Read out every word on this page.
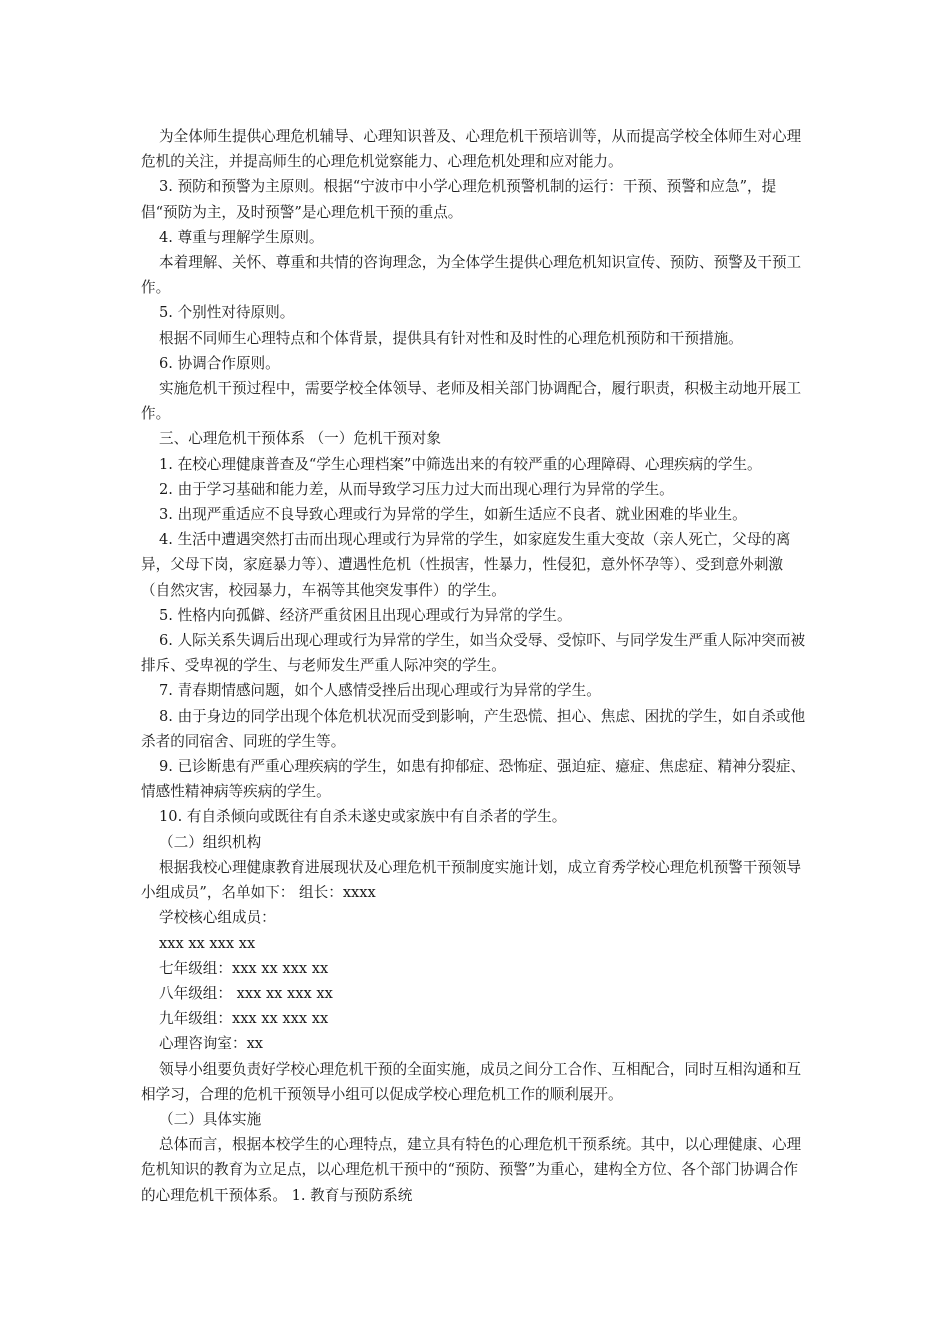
为全体师生提供心理危机辅导、心理知识普及、心理危机干预培训等，从而提高学校全体师生对心理危机的关注，并提高师生的心理危机觉察能力、心理危机处理和应对能力。

3. 预防和预警为主原则。根据“宁波市中小学心理危机预警机制的运行：干预、预警和应急”，提倡“预防为主，及时预警”是心理危机干预的重点。

4. 尊重与理解学生原则。

本着理解、关怀、尊重和共情的咨询理念，为全体学生提供心理危机知识宣传、预防、预警及干预工作。

5. 个别性对待原则。

根据不同师生心理特点和个体背景，提供具有针对性和及时性的心理危机预防和干预措施。

6. 协调合作原则。

实施危机干预过程中，需要学校全体领导、老师及相关部门协调配合，履行职责，积极主动地开展工作。

三、心理危机干预体系 （一）危机干预对象

1. 在校心理健康普查及“学生心理档案”中筛选出来的有较严重的心理障碍、心理疾病的学生。

2. 由于学习基础和能力差，从而导致学习压力过大而出现心理行为异常的学生。

3. 出现严重适应不良导致心理或行为异常的学生，如新生适应不良者、就业困难的毕业生。

4. 生活中遭遇突然打击而出现心理或行为异常的学生，如家庭发生重大变故（亲人死亡，父母的离异，父母下岗，家庭暴力等）、遭遇性危机（性损害，性暴力，性侵犯，意外怀孕等）、受到意外刺激（自然灾害，校园暴力，车祸等其他突发事件）的学生。

5. 性格内向孤僻、经济严重贫困且出现心理或行为异常的学生。

6. 人际关系失调后出现心理或行为异常的学生，如当众受辱、受惊吓、与同学发生严重人际冲突而被排斥、受卑视的学生、与老师发生严重人际冲突的学生。

7. 青春期情感问题，如个人感情受挫后出现心理或行为异常的学生。

8. 由于身边的同学出现个体危机状况而受到影响，产生恐慌、担心、焦虑、困扰的学生，如自杀或他杀者的同宿舍、同班的学生等。

9. 已诊断患有严重心理疾病的学生，如患有抑郁症、恐怖症、强迫症、癔症、焦虑症、精神分裂症、情感性精神病等疾病的学生。

10. 有自杀倾向或既往有自杀未遂史或家族中有自杀者的学生。

（二）组织机构

根据我校心理健康教育进展现状及心理危机干预制度实施计划，成立育秀学校心理危机预警干预领导小组成员”，名单如下： 组长：xxxx

学校核心组成员：

xxx xx xxx xx

七年级组：xxx xx xxx xx

八年级组： xxx xx xxx xx

九年级组：xxx xx xxx xx

心理咨询室：xx

领导小组要负责好学校心理危机干预的全面实施，成员之间分工合作、互相配合，同时互相沟通和互相学习，合理的危机干预领导小组可以促成学校心理危机工作的顺利展开。

（二）具体实施

总体而言，根据本校学生的心理特点，建立具有特色的心理危机干预系统。其中，以心理健康、心理危机知识的教育为立足点，以心理危机干预中的“预防、预警”为重心，建构全方位、各个部门协调合作的心理危机干预体系。 1. 教育与预防系统
